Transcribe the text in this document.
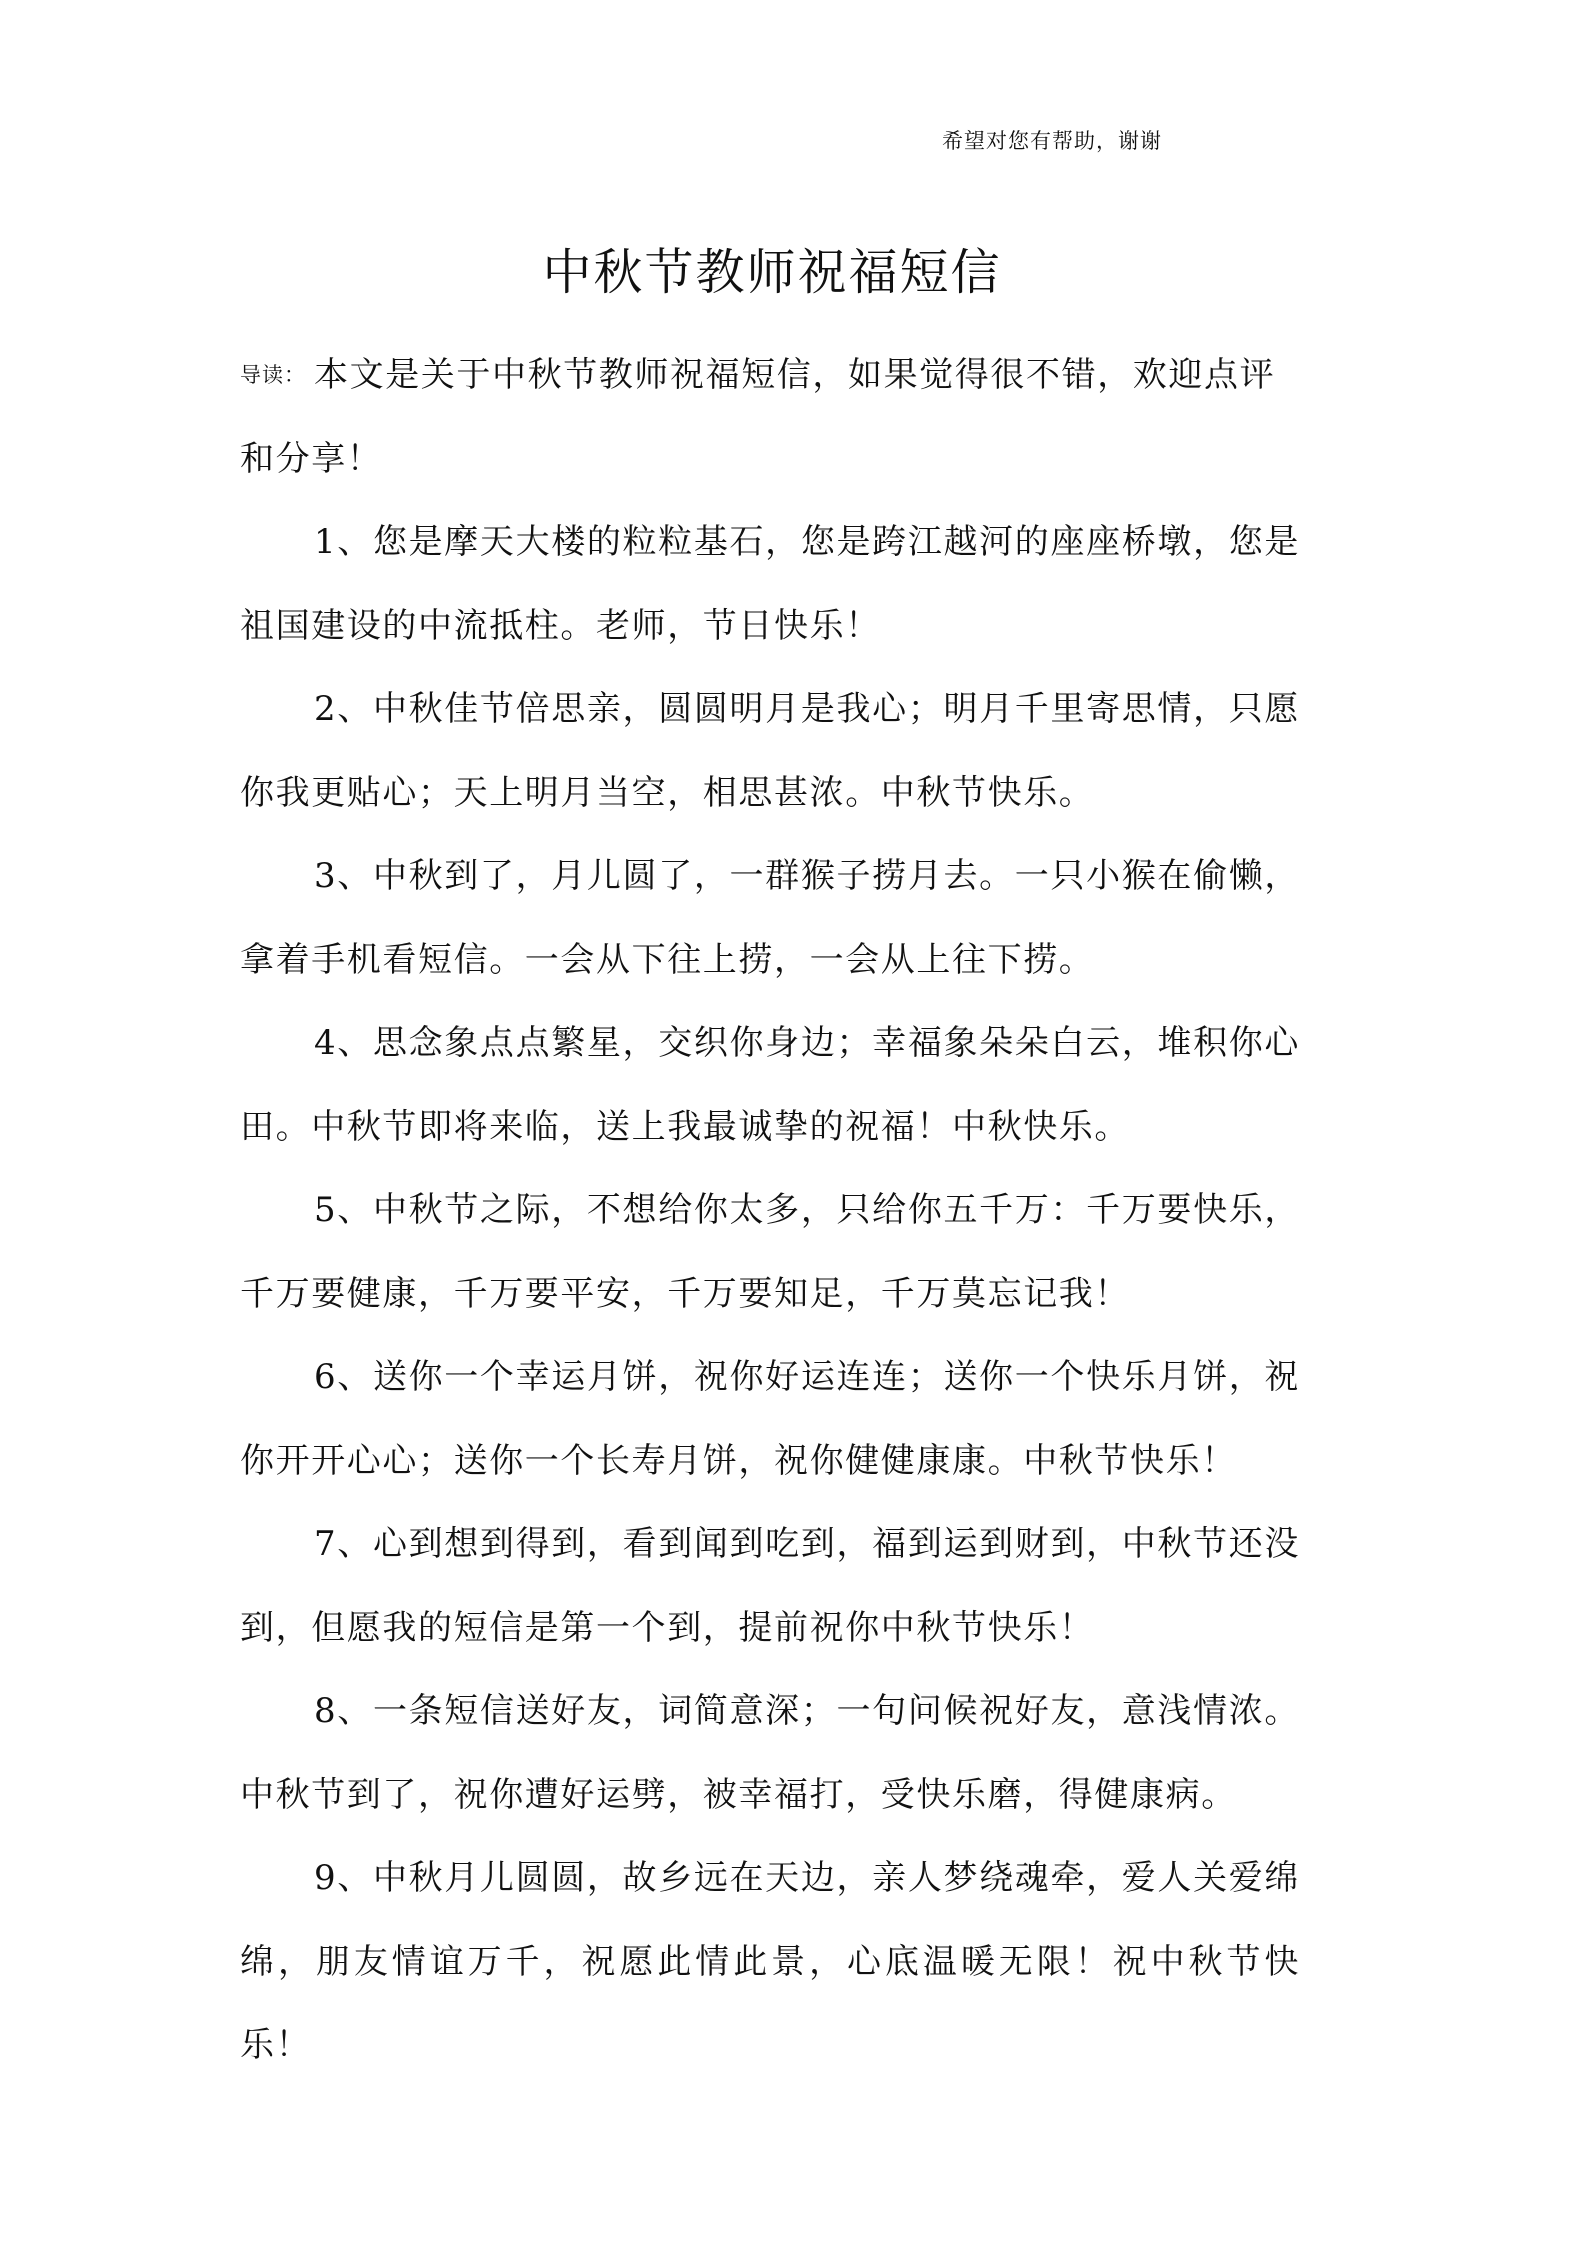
希望对您有帮助，谢谢
中秋节教师祝福短信

导读： 本文是关于中秋节教师祝福短信，如果觉得很不错，欢迎点评和分享！

1、您是摩天大楼的粒粒基石，您是跨江越河的座座桥墩，您是祖国建设的中流抵柱。老师，节日快乐！

2、中秋佳节倍思亲，圆圆明月是我心；明月千里寄思情，只愿你我更贴心；天上明月当空，相思甚浓。中秋节快乐。

3、中秋到了，月儿圆了，一群猴子捞月去。一只小猴在偷懒，拿着手机看短信。一会从下往上捞，一会从上往下捞。

4、思念象点点繁星，交织你身边；幸福象朵朵白云，堆积你心田。中秋节即将来临，送上我最诚挚的祝福！中秋快乐。

5、中秋节之际，不想给你太多，只给你五千万：千万要快乐，千万要健康，千万要平安，千万要知足，千万莫忘记我！

6、送你一个幸运月饼，祝你好运连连；送你一个快乐月饼，祝你开开心心；送你一个长寿月饼，祝你健健康康。中秋节快乐！

7、心到想到得到，看到闻到吃到，福到运到财到，中秋节还没到，但愿我的短信是第一个到，提前祝你中秋节快乐！

8、一条短信送好友，词简意深；一句问候祝好友，意浅情浓。中秋节到了，祝你遭好运劈，被幸福打，受快乐磨，得健康病。

9、中秋月儿圆圆，故乡远在天边，亲人梦绕魂牵，爱人关爱绵绵，朋友情谊万千，祝愿此情此景，心底温暖无限！祝中秋节快乐！
